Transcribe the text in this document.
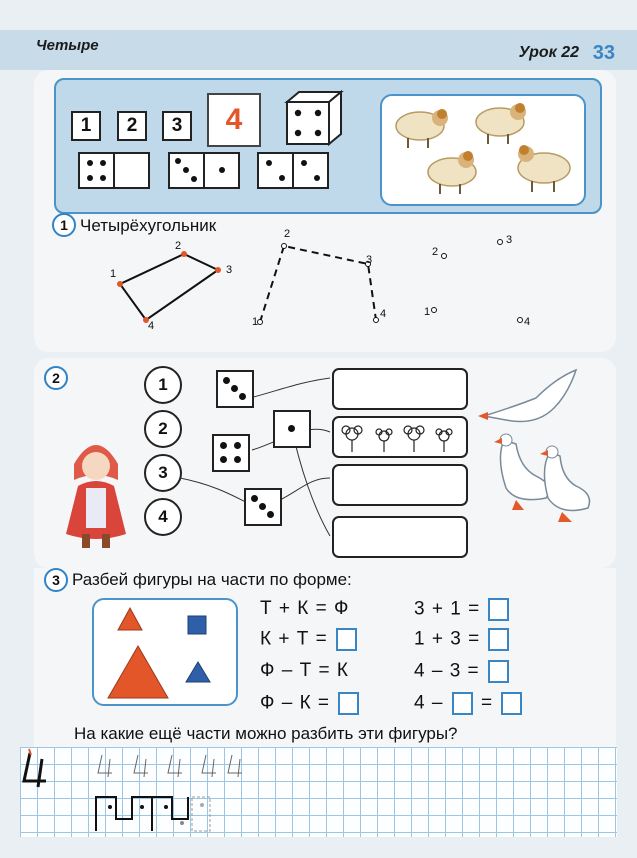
Четыре	Урок 22 33
1	2	3	4
1 Четырёхугольник
1
2
3
4	1
2
3
4	1
2
3
4
2	1
2
3
4
3 Разбей фигуры на части по форме:
Т + К = Ф
К + Т =
Ф – Т = К
Ф – К =
3 + 1 =
1 + 3 =
4 – 3 =
4 – =
На какие ещё части можно разбить эти фигуры?
